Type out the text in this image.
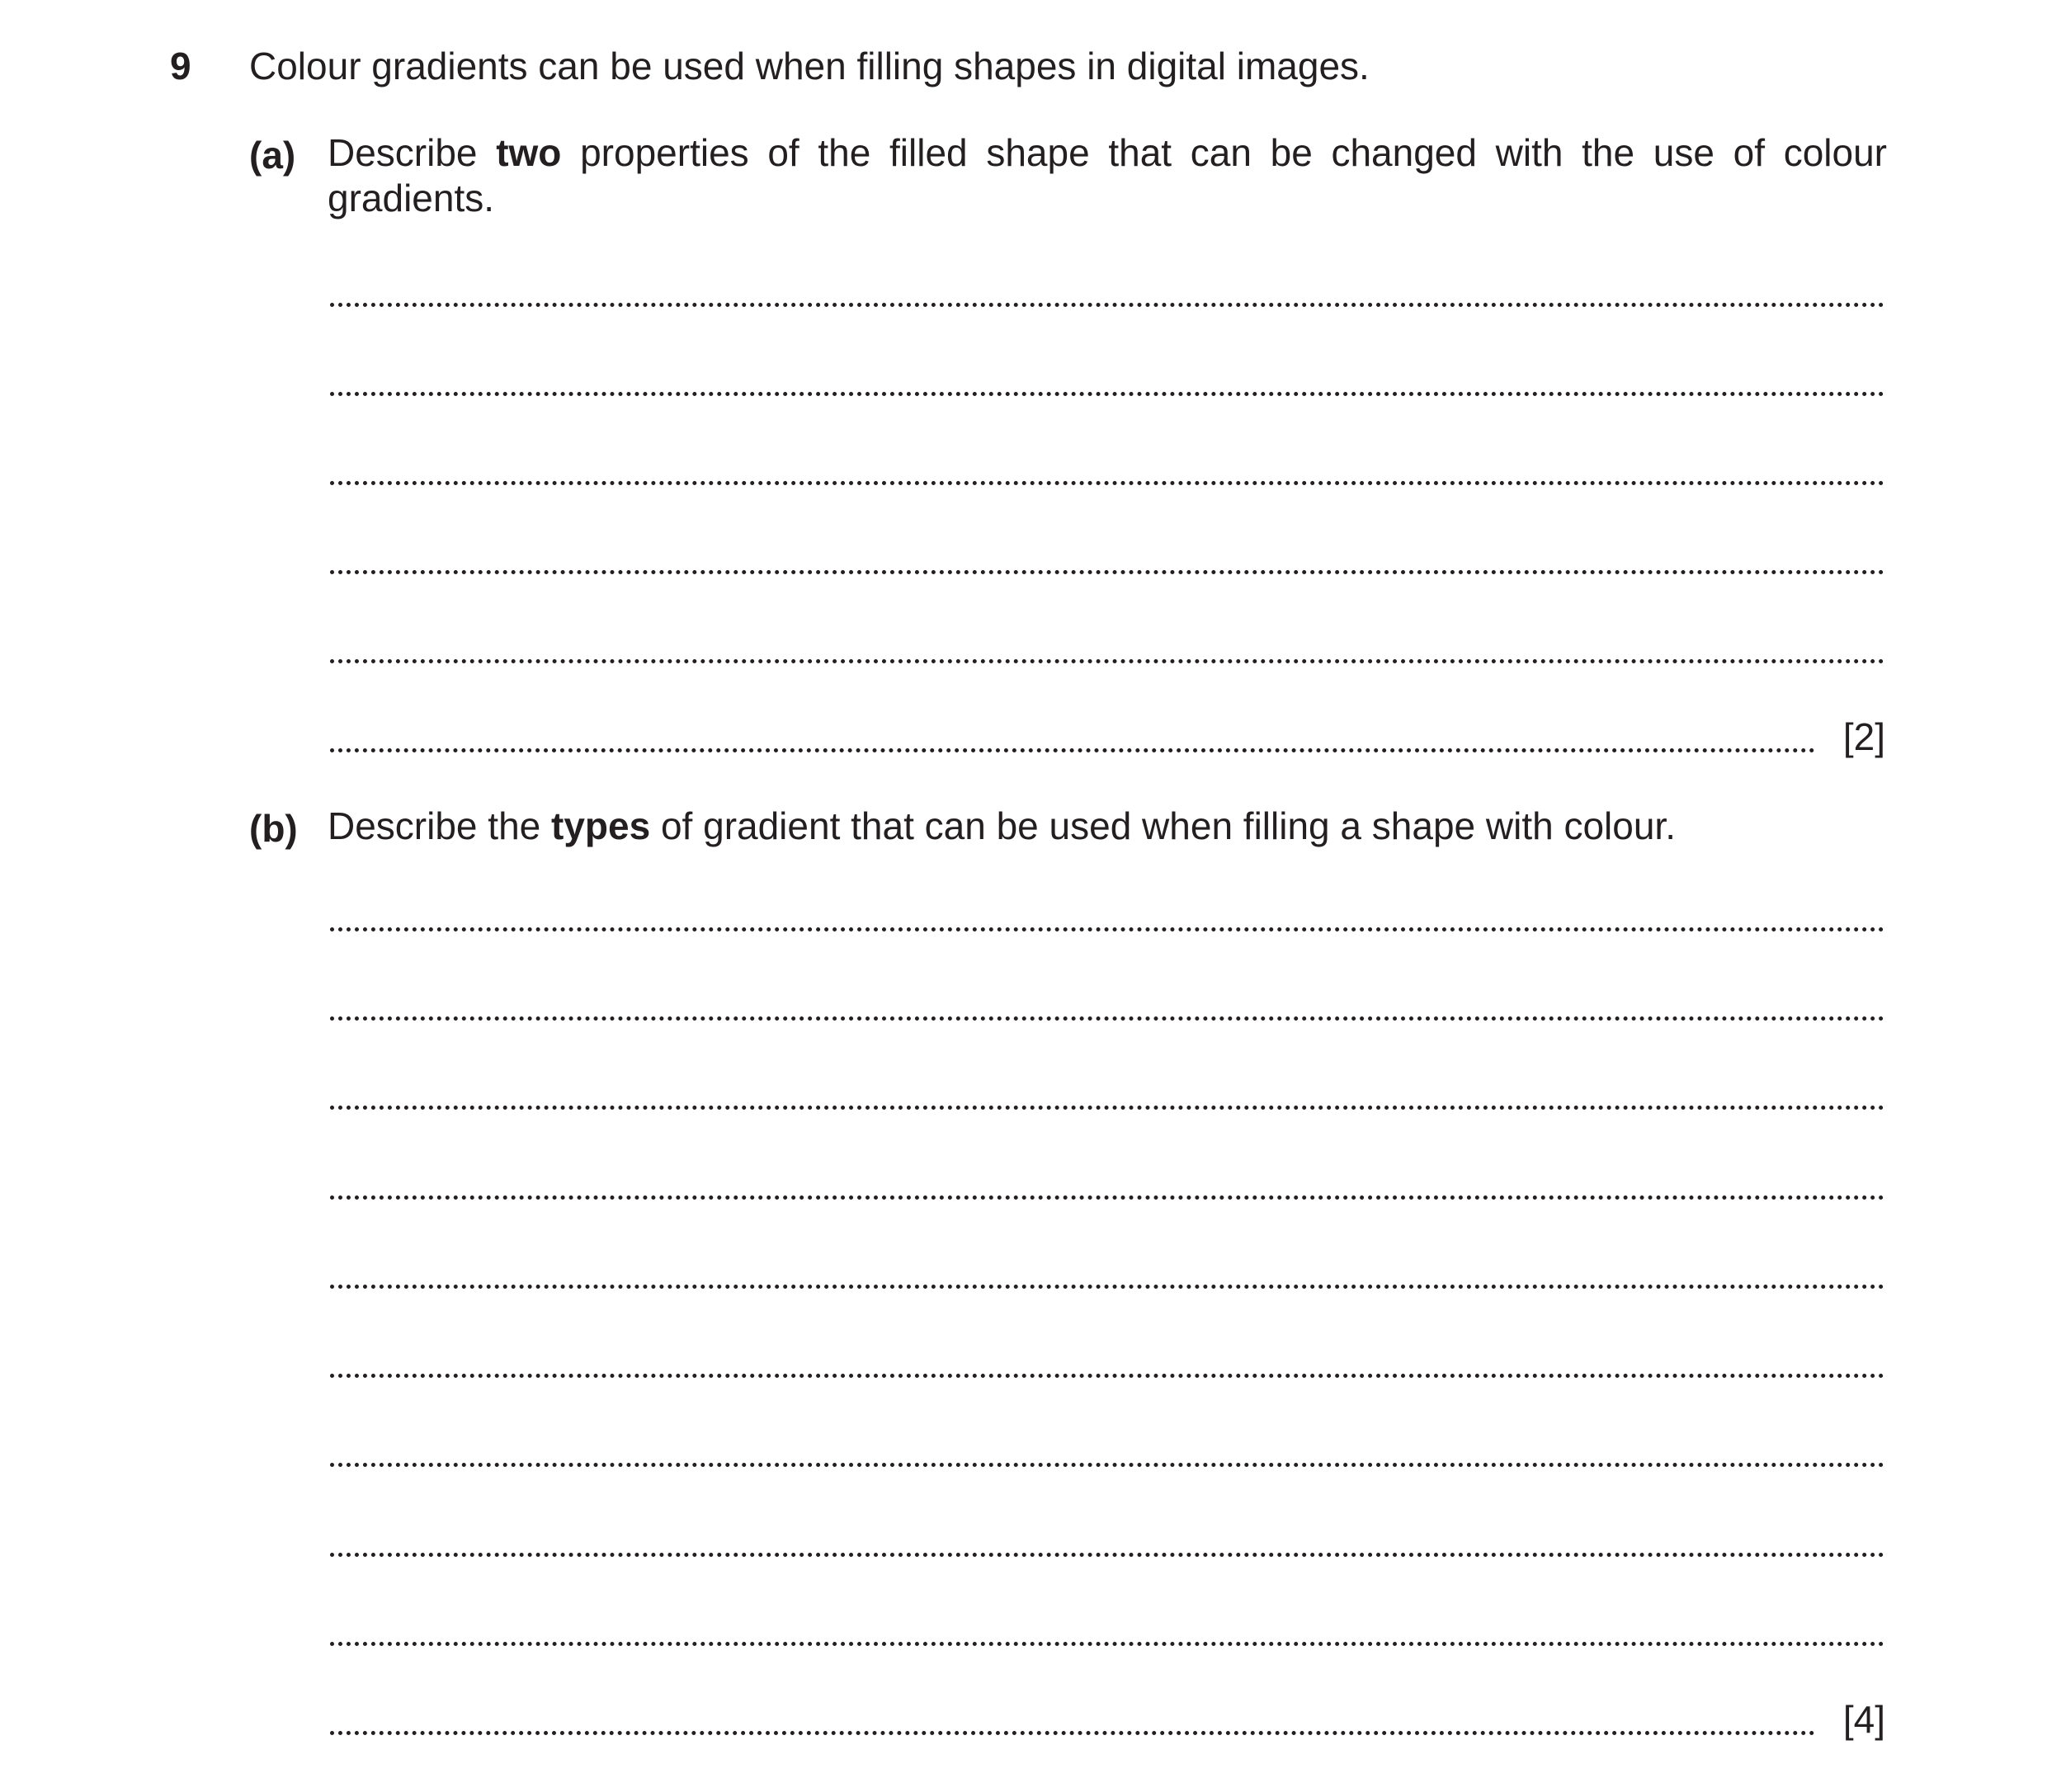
9 Colour gradients can be used when filling shapes in digital images.
(a) Describe two properties of the filled shape that can be changed with the use of colour gradients.
[2]
(b) Describe the types of gradient that can be used when filling a shape with colour.
[4]
